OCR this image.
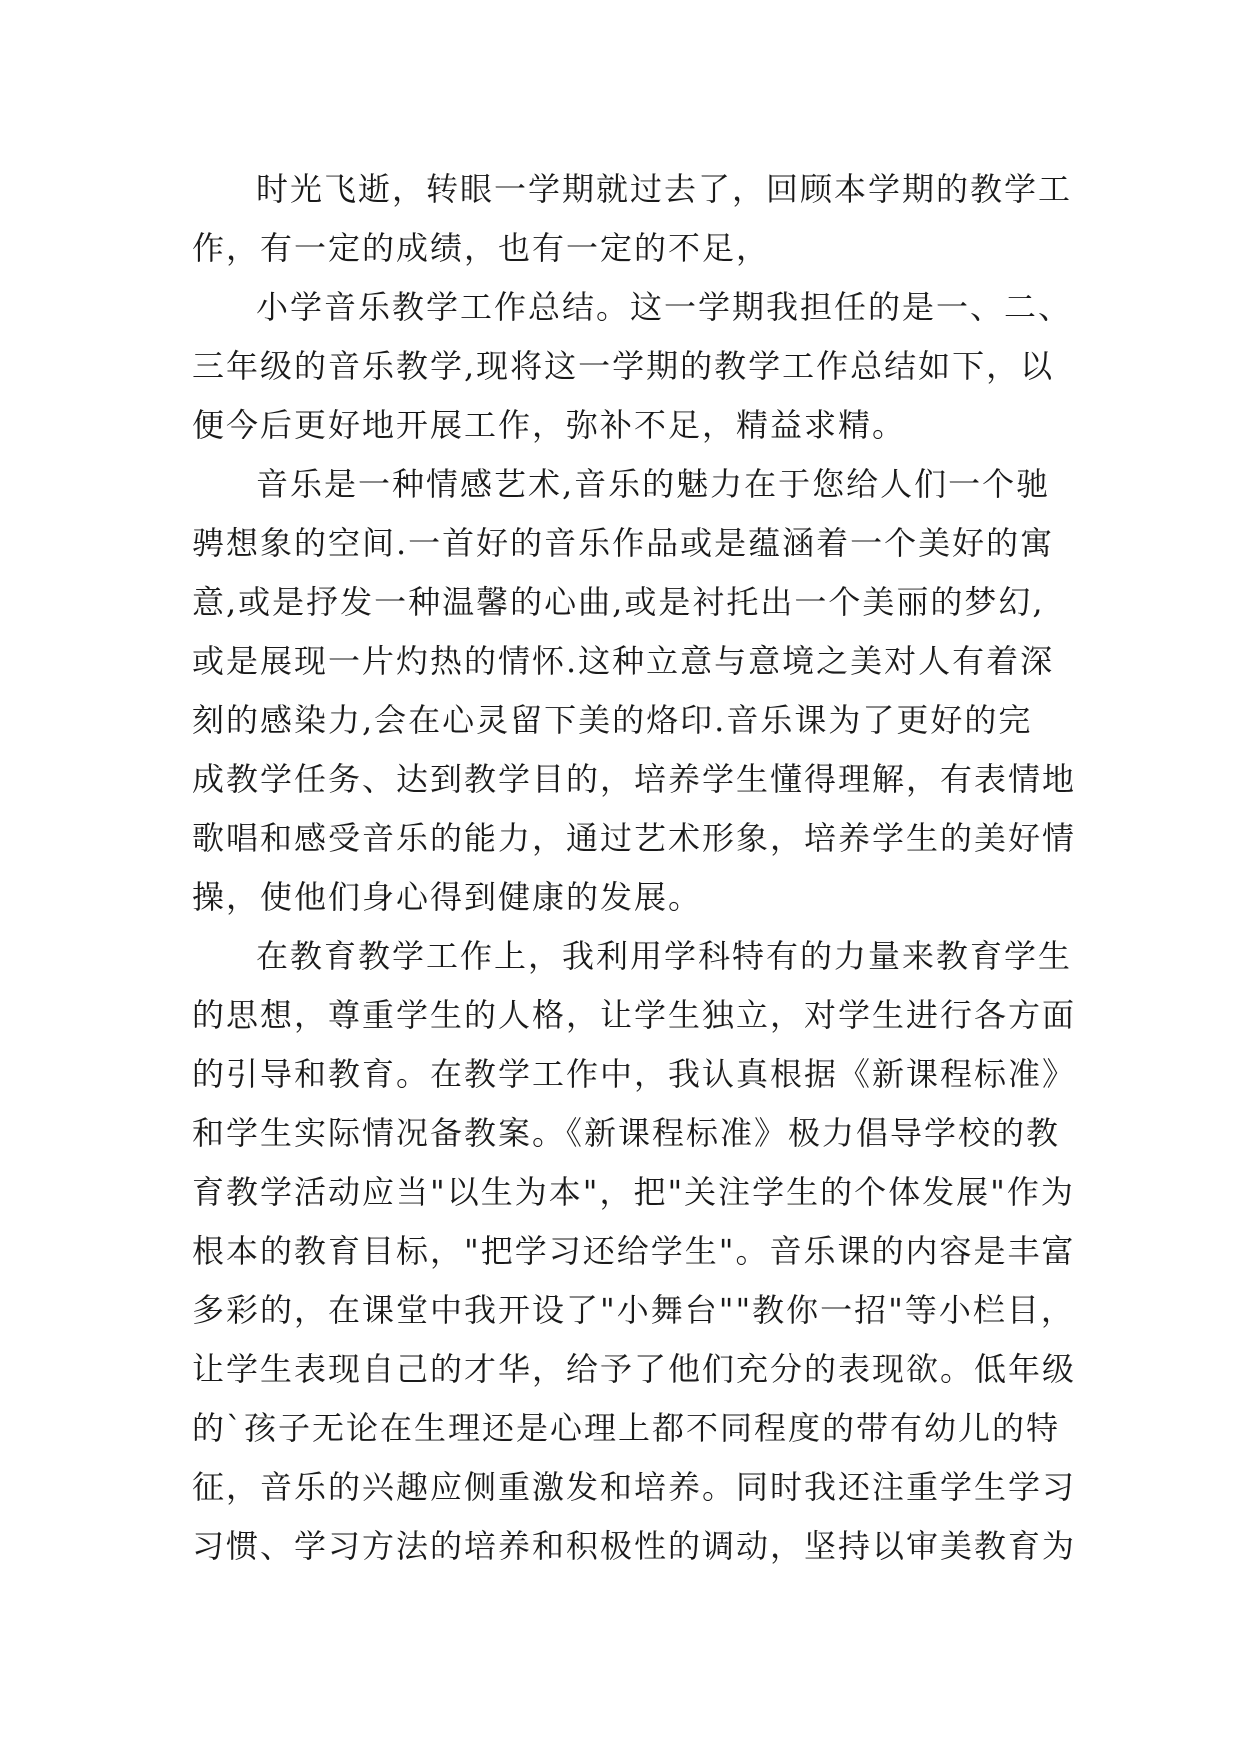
时光飞逝，转眼一学期就过去了，回顾本学期的教学工
作，有一定的成绩，也有一定的不足，
小学音乐教学工作总结。这一学期我担任的是一、二、
三年级的音乐教学,现将这一学期的教学工作总结如下，以
便今后更好地开展工作，弥补不足，精益求精。
音乐是一种情感艺术,音乐的魅力在于您给人们一个驰
骋想象的空间.一首好的音乐作品或是蕴涵着一个美好的寓
意,或是抒发一种温馨的心曲,或是衬托出一个美丽的梦幻,
或是展现一片灼热的情怀.这种立意与意境之美对人有着深
刻的感染力,会在心灵留下美的烙印.音乐课为了更好的完
成教学任务、达到教学目的，培养学生懂得理解，有表情地
歌唱和感受音乐的能力，通过艺术形象，培养学生的美好情
操，使他们身心得到健康的发展。
在教育教学工作上，我利用学科特有的力量来教育学生
的思想，尊重学生的人格，让学生独立，对学生进行各方面
的引导和教育。在教学工作中，我认真根据《新课程标准》
和学生实际情况备教案。《新课程标准》极力倡导学校的教
育教学活动应当"以生为本"，把"关注学生的个体发展"作为
根本的教育目标，"把学习还给学生"。音乐课的内容是丰富
多彩的，在课堂中我开设了"小舞台""教你一招"等小栏目，
让学生表现自己的才华，给予了他们充分的表现欲。低年级
的`孩子无论在生理还是心理上都不同程度的带有幼儿的特
征，音乐的兴趣应侧重激发和培养。同时我还注重学生学习
习惯、学习方法的培养和积极性的调动，坚持以审美教育为
